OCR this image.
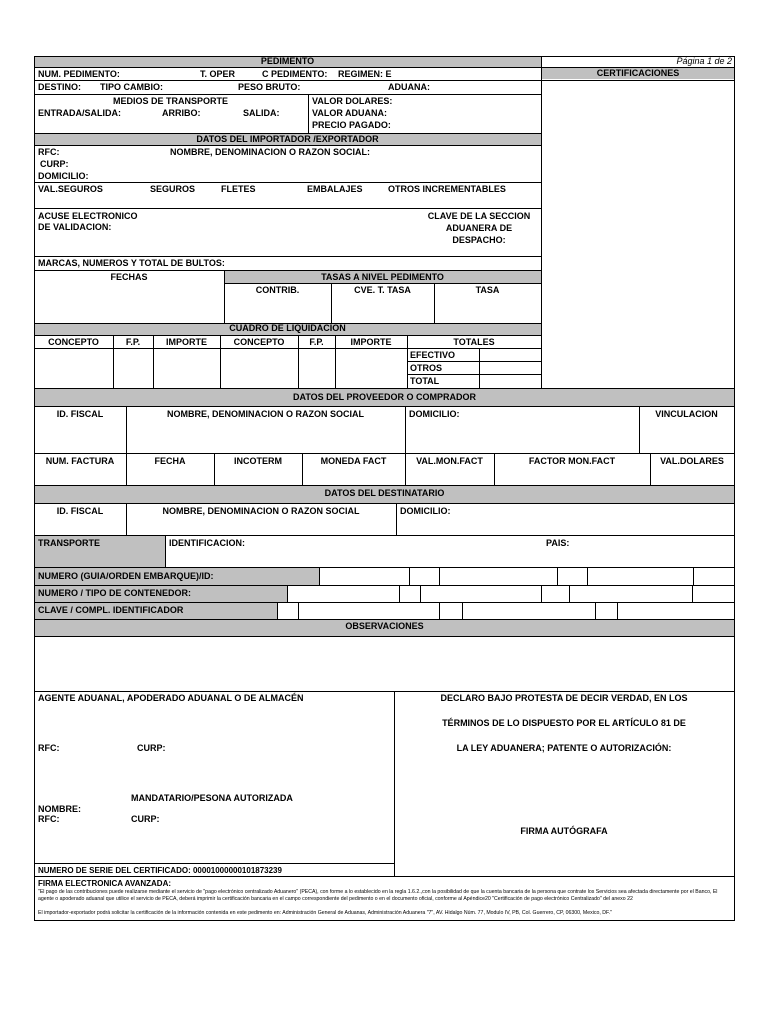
PEDIMENTO	Página 1 de 2
CERTIFICACIONES
NUM. PEDIMENTO:	T. OPER	C PEDIMENTO: REGIMEN: E
DESTINO: TIPO CAMBIO:	PESO BRUTO:	ADUANA:
MEDIOS DE TRANSPORTE
ENTRADA/SALIDA:	ARRIBO:	SALIDA:
VALOR DOLARES:
VALOR ADUANA:
PRECIO PAGADO:
DATOS DEL IMPORTADOR /EXPORTADOR
RFC:	NOMBRE, DENOMINACION O RAZON SOCIAL:
CURP:
DOMICILIO:
VAL.SEGUROS	SEGUROS	FLETES	EMBALAJES	OTROS INCREMENTABLES
ACUSE ELECTRONICO
DE VALIDACION:
CLAVE DE LA SECCION
ADUANERA DE
DESPACHO:
MARCAS, NUMEROS Y TOTAL DE BULTOS:
FECHAS	TASAS A NIVEL PEDIMENTO
CONTRIB.	CVE. T. TASA	TASA
CUADRO DE LIQUIDACION
CONCEPTO	F.P.	IMPORTE	CONCEPTO	F.P.	IMPORTE	TOTALES
EFECTIVO
OTROS
TOTAL
DATOS DEL PROVEEDOR O COMPRADOR
ID. FISCAL	NOMBRE, DENOMINACION O RAZON SOCIAL	DOMICILIO:	VINCULACION
NUM. FACTURA	FECHA	INCOTERM	MONEDA FACT	VAL.MON.FACT	FACTOR MON.FACT	VAL.DOLARES
DATOS DEL DESTINATARIO
ID. FISCAL	NOMBRE, DENOMINACION O RAZON SOCIAL	DOMICILIO:
TRANSPORTE	IDENTIFICACION:	PAIS:
NUMERO (GUIA/ORDEN EMBARQUE)/ID:
NUMERO / TIPO DE CONTENEDOR:
CLAVE / COMPL. IDENTIFICADOR
OBSERVACIONES
AGENTE ADUANAL, APODERADO ADUANAL O DE ALMACÉN
RFC:	CURP:
MANDATARIO/PESONA AUTORIZADA
NOMBRE:
RFC:	CURP:
NUMERO DE SERIE DEL CERTIFICADO: 00001000000101873239
DECLARO BAJO PROTESTA DE DECIR VERDAD, EN LOS
TÉRMINOS DE LO DISPUESTO POR EL ARTÍCULO 81 DE
LA LEY ADUANERA; PATENTE O AUTORIZACIÓN:
FIRMA AUTÓGRAFA
FIRMA ELECTRONICA AVANZADA:
"El pago de las contribuciones puede realizarse mediante el servicio de "pago electrónico centralizado Aduanero" (PECA), con forme a lo establecido en la regla 1.6.2.,con la posibilidad de que la cuenta bancaria de la persona que contrate los Servicios sea afectada directamente por el Banco, El agente o apoderado aduanal que utilice el servicio de PECA, deberá imprimir la certificación bancaria en el campo correspondiente del pedimento o en el documento oficial, conforme al Apéndice20 "Certificación de pago electrónico Centralizado" del anexo 22
El importador-exportador podrá solicitar la certificación de la información contenida en este pedimento en: Administración General de Aduanas, Administración Aduanera "7", AV. Hidalgo Núm. 77, Modulo IV, PB, Col. Guerrero, CP, 06300, Mexico, DF."
